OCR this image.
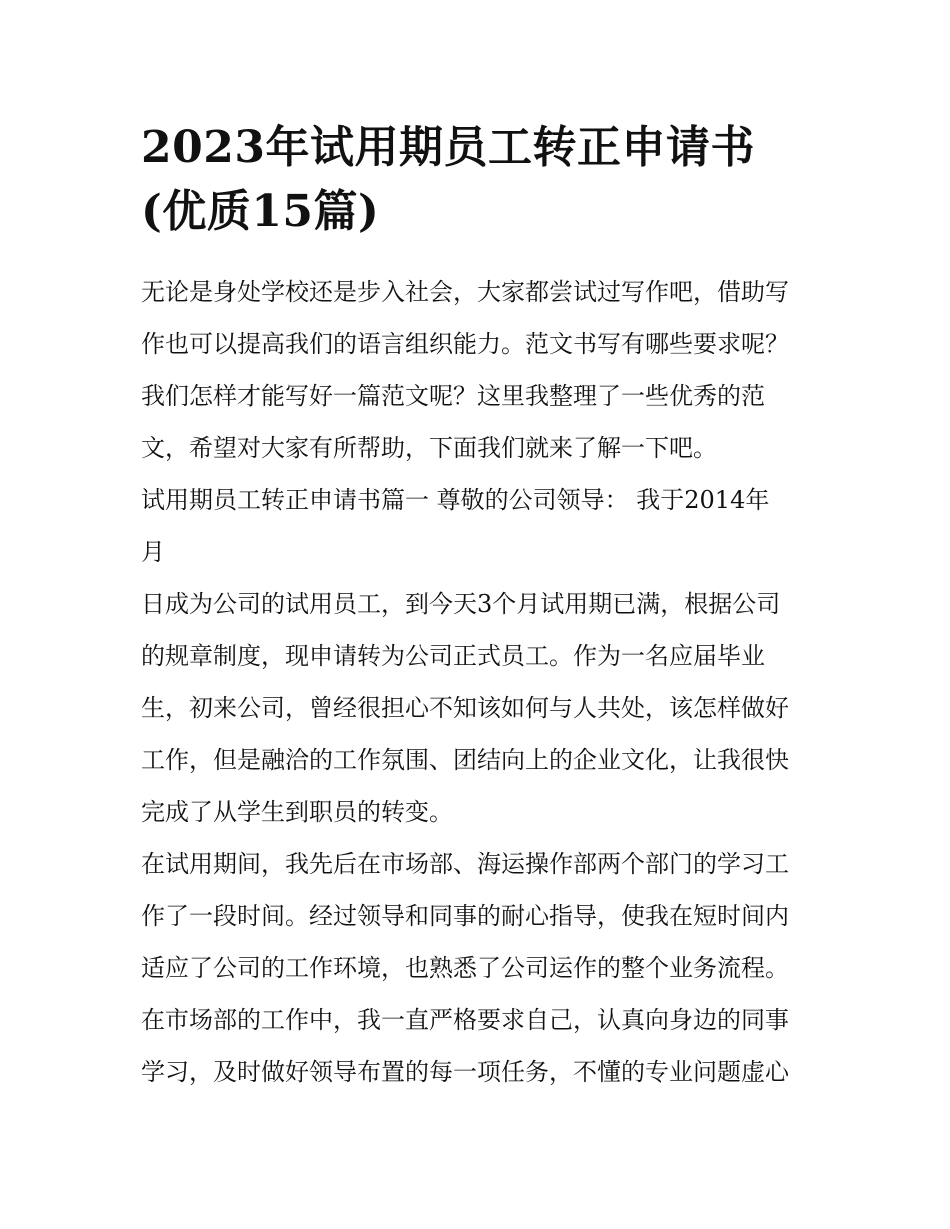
2023年试用期员工转正申请书
(优质15篇)

无论是身处学校还是步入社会，大家都尝试过写作吧，借助写
作也可以提高我们的语言组织能力。范文书写有哪些要求呢？
我们怎样才能写好一篇范文呢？这里我整理了一些优秀的范
文，希望对大家有所帮助，下面我们就来了解一下吧。

试用期员工转正申请书篇一 尊敬的公司领导： 我于2014年
月

日成为公司的试用员工，到今天3个月试用期已满，根据公司
的规章制度，现申请转为公司正式员工。作为一名应届毕业
生，初来公司，曾经很担心不知该如何与人共处，该怎样做好
工作，但是融洽的工作氛围、团结向上的企业文化，让我很快
完成了从学生到职员的转变。

在试用期间，我先后在市场部、海运操作部两个部门的学习工
作了一段时间。经过领导和同事的耐心指导，使我在短时间内
适应了公司的工作环境，也熟悉了公司运作的整个业务流程。
在市场部的工作中，我一直严格要求自己，认真向身边的同事
学习，及时做好领导布置的每一项任务，不懂的专业问题虚心
